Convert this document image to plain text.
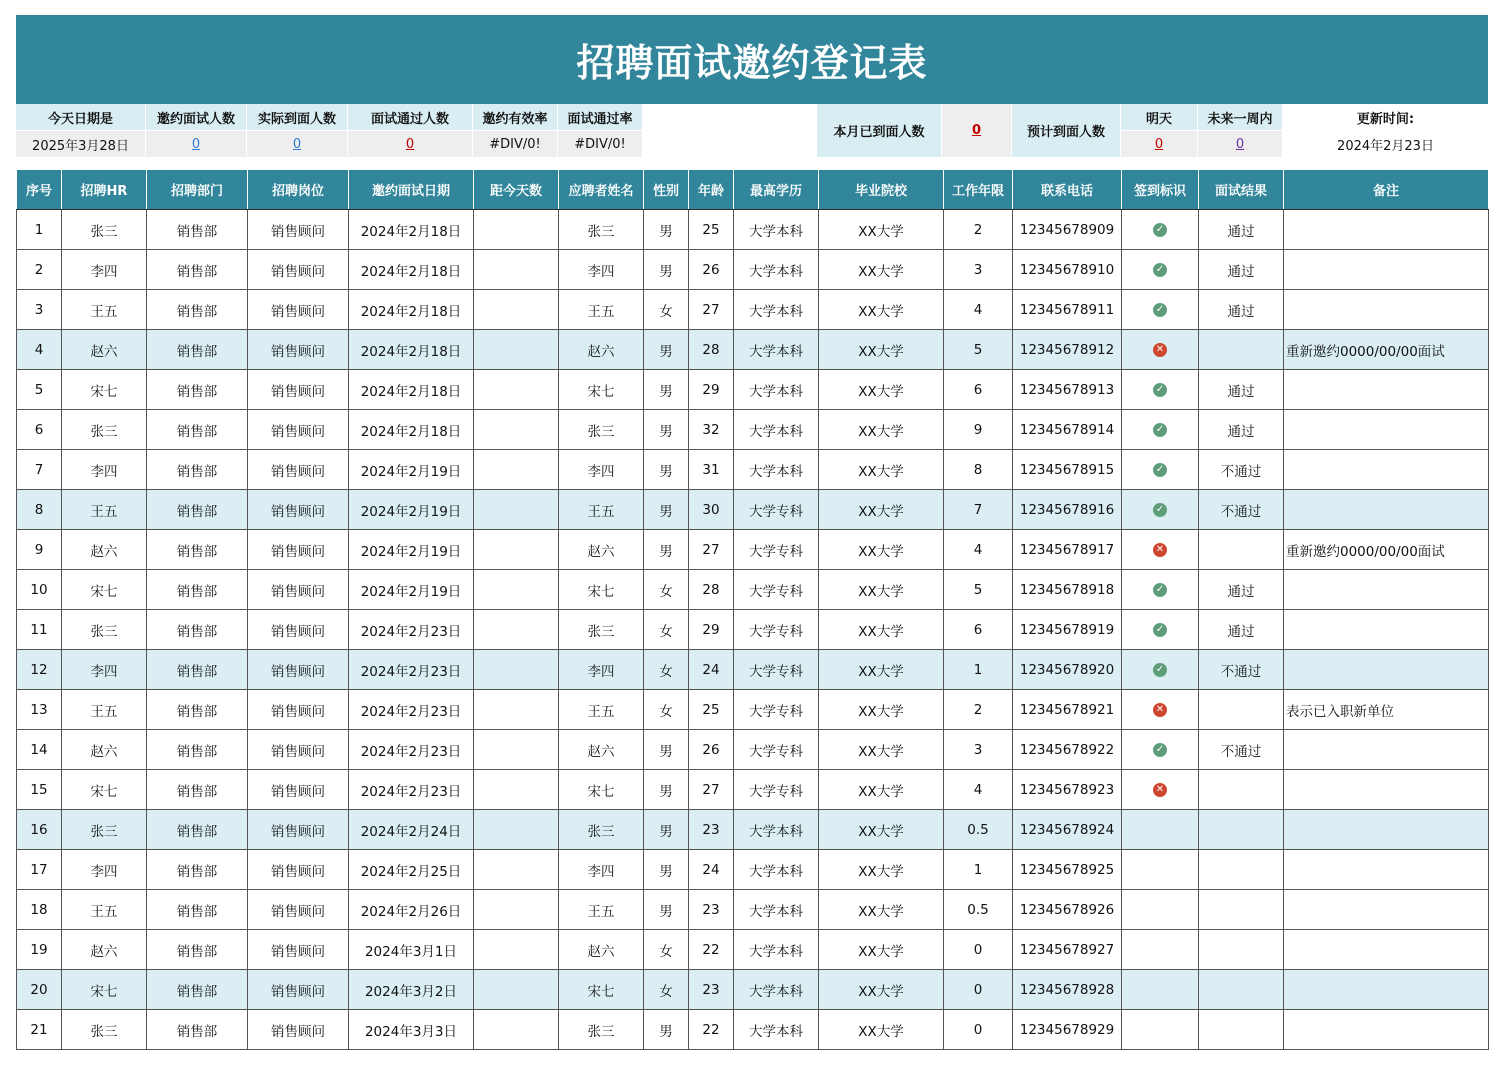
招聘面试邀约登记表
今天日期是	邀约面试人数	实际到面人数	面试通过人数	邀约有效率	面试通过率
2025年3月28日	0	0	0	#DIV/0!	#DIV/0!
本月已到面人数	0	预计到面人数
明天	未来一周内
0	0
更新时间:
2024年2月23日
序号	招聘HR	招聘部门	招聘岗位	邀约面试日期	距今天数	应聘者姓名	性别	年龄	最高学历	毕业院校	工作年限	联系电话	签到标识	面试结果	备注
1	张三	销售部	销售顾问	2024年2月18日		张三	男	25	大学本科	XX大学	2	12345678909	✓	通过	
2	李四	销售部	销售顾问	2024年2月18日		李四	男	26	大学本科	XX大学	3	12345678910	✓	通过	
3	王五	销售部	销售顾问	2024年2月18日		王五	女	27	大学本科	XX大学	4	12345678911	✓	通过	
4	赵六	销售部	销售顾问	2024年2月18日		赵六	男	28	大学本科	XX大学	5	12345678912	✕		重新邀约0000/00/00面试
5	宋七	销售部	销售顾问	2024年2月18日		宋七	男	29	大学本科	XX大学	6	12345678913	✓	通过	
6	张三	销售部	销售顾问	2024年2月18日		张三	男	32	大学本科	XX大学	9	12345678914	✓	通过	
7	李四	销售部	销售顾问	2024年2月19日		李四	男	31	大学本科	XX大学	8	12345678915	✓	不通过	
8	王五	销售部	销售顾问	2024年2月19日		王五	男	30	大学专科	XX大学	7	12345678916	✓	不通过	
9	赵六	销售部	销售顾问	2024年2月19日		赵六	男	27	大学专科	XX大学	4	12345678917	✕		重新邀约0000/00/00面试
10	宋七	销售部	销售顾问	2024年2月19日		宋七	女	28	大学专科	XX大学	5	12345678918	✓	通过	
11	张三	销售部	销售顾问	2024年2月23日		张三	女	29	大学专科	XX大学	6	12345678919	✓	通过	
12	李四	销售部	销售顾问	2024年2月23日		李四	女	24	大学专科	XX大学	1	12345678920	✓	不通过	
13	王五	销售部	销售顾问	2024年2月23日		王五	女	25	大学专科	XX大学	2	12345678921	✕		表示已入职新单位
14	赵六	销售部	销售顾问	2024年2月23日		赵六	男	26	大学专科	XX大学	3	12345678922	✓	不通过	
15	宋七	销售部	销售顾问	2024年2月23日		宋七	男	27	大学专科	XX大学	4	12345678923	✕		
16	张三	销售部	销售顾问	2024年2月24日		张三	男	23	大学本科	XX大学	0.5	12345678924			
17	李四	销售部	销售顾问	2024年2月25日		李四	男	24	大学本科	XX大学	1	12345678925			
18	王五	销售部	销售顾问	2024年2月26日		王五	男	23	大学本科	XX大学	0.5	12345678926			
19	赵六	销售部	销售顾问	2024年3月1日		赵六	女	22	大学本科	XX大学	0	12345678927			
20	宋七	销售部	销售顾问	2024年3月2日		宋七	女	23	大学本科	XX大学	0	12345678928			
21	张三	销售部	销售顾问	2024年3月3日		张三	男	22	大学本科	XX大学	0	12345678929			
